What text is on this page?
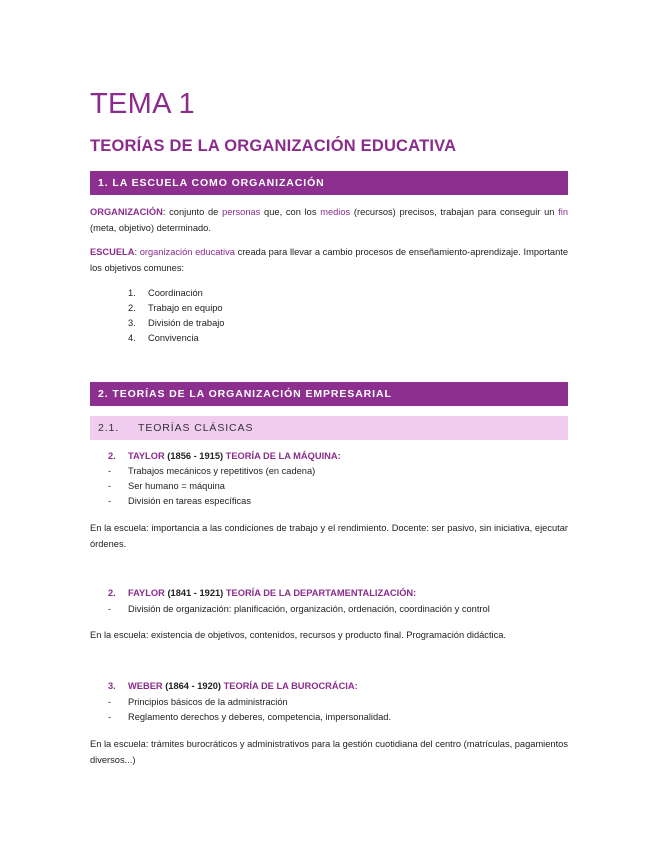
TEMA 1
TEORÍAS DE LA ORGANIZACIÓN EDUCATIVA
1. LA ESCUELA COMO ORGANIZACIÓN

ORGANIZACIÓN: conjunto de personas que, con los medios (recursos) precisos, trabajan para conseguir un fin (meta, objetivo) determinado.

ESCUELA: organización educativa creada para llevar a cambio procesos de enseñamiento-aprendizaje. Importante los objetivos comunes:

1. Coordinación
2. Trabajo en equipo
3. División de trabajo
4. Convivencia
2. TEORÍAS DE LA ORGANIZACIÓN EMPRESARIAL
2.1. TEORÍAS CLÁSICAS
2. TAYLOR (1856 - 1915) TEORÍA DE LA MÁQUINA:
- Trabajos mecánicos y repetitivos (en cadena)
- Ser humano = máquina
- División en tareas específicas

En la escuela: importancia a las condiciones de trabajo y el rendimiento. Docente: ser pasivo, sin iniciativa, ejecutar órdenes.

2. FAYLOR (1841 - 1921) TEORÍA DE LA DEPARTAMENTALIZACIÓN:
- División de organización: planificación, organización, ordenación, coordinación y control

En la escuela: existencia de objetivos, contenidos, recursos y producto final. Programación didáctica.

3. WEBER (1864 - 1920) TEORÍA DE LA BUROCRÁCIA:
- Principios básicos de la administración
- Reglamento derechos y deberes, competencia, impersonalidad.

En la escuela: trámites burocráticos y administrativos para la gestión cuotidiana del centro (matrículas, pagamientos diversos...)
